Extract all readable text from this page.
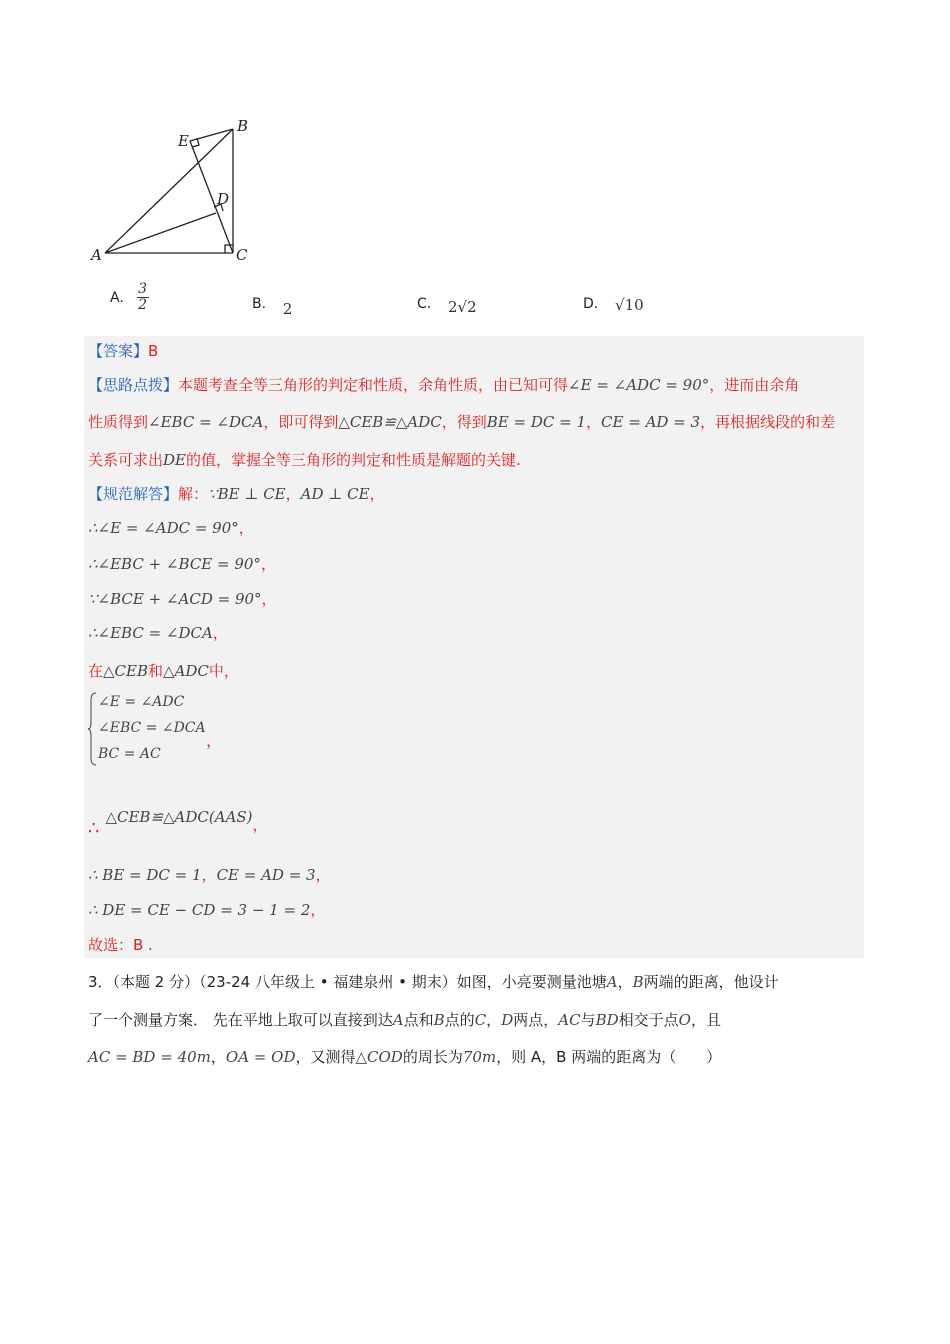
B
E
D
A	C
A. $\frac{3}{2}$	B. 2	C. 2√2	D. √10
【答案】B
【思路点拨】本题考查全等三角形的判定和性质，余角性质，由已知可得∠E = ∠ADC = 90°，进而由余角
性质得到∠EBC = ∠DCA，即可得到△CEB≌△ADC，得到BE = DC = 1，CE = AD = 3，再根据线段的和差
关系可求出DE的值，掌握全等三角形的判定和性质是解题的关键.
【规范解答】解：∵BE ⊥ CE，AD ⊥ CE，
∴∠E = ∠ADC = 90°，
∴∠EBC + ∠BCE = 90°，
∵∠BCE + ∠ACD = 90°，
∴∠EBC = ∠DCA，
在△CEB和△ADC中，
∠E = ∠ADC
∠EBC = ∠DCA
BC = AC
，
∴△CEB≌△ADC(AAS)，
∴ BE = DC = 1，CE = AD = 3，
∴ DE = CE − CD = 3 − 1 = 2，
故选：B .
3．（本题 2 分）（23-24 八年级上 • 福建泉州 • 期末）如图，小亮要测量池塘A，B两端的距离，他设计
了一个测量方案． 先在平地上取可以直接到达A点和B点的C，D两点，AC与BD相交于点O，且
AC = BD = 40m，OA = OD，又测得△COD的周长为70m，则 A，B 两端的距离为（　　）
